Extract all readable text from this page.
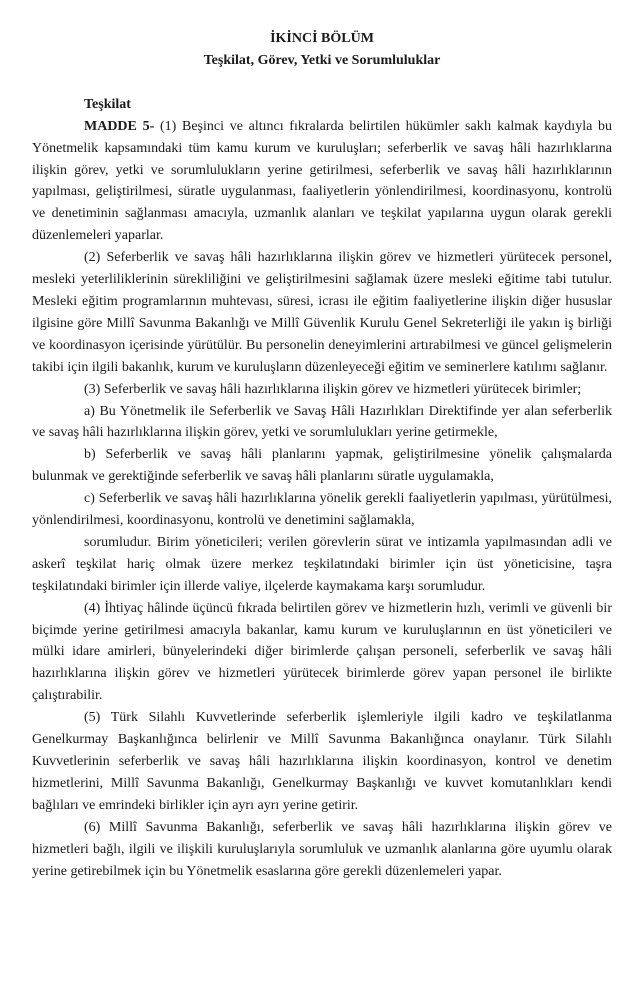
İKİNCİ BÖLÜM
Teşkilat, Görev, Yetki ve Sorumluluklar
Teşkilat

MADDE 5- (1) Beşinci ve altıncı fıkralarda belirtilen hükümler saklı kalmak kaydıyla bu Yönetmelik kapsamındaki tüm kamu kurum ve kuruluşları; seferberlik ve savaş hâli hazırlıklarına ilişkin görev, yetki ve sorumlulukların yerine getirilmesi, seferberlik ve savaş hâli hazırlıklarının yapılması, geliştirilmesi, süratle uygulanması, faaliyetlerin yönlendirilmesi, koordinasyonu, kontrolü ve denetiminin sağlanması amacıyla, uzmanlık alanları ve teşkilat yapılarına uygun olarak gerekli düzenlemeleri yaparlar.

(2) Seferberlik ve savaş hâli hazırlıklarına ilişkin görev ve hizmetleri yürütecek personel, mesleki yeterliliklerinin sürekliliğini ve geliştirilmesini sağlamak üzere mesleki eğitime tabi tutulur. Mesleki eğitim programlarının muhtevası, süresi, icrası ile eğitim faaliyetlerine ilişkin diğer hususlar ilgisine göre Millî Savunma Bakanlığı ve Millî Güvenlik Kurulu Genel Sekreterliği ile yakın iş birliği ve koordinasyon içerisinde yürütülür. Bu personelin deneyimlerini artırabilmesi ve güncel gelişmelerin takibi için ilgili bakanlık, kurum ve kuruluşların düzenleyeceği eğitim ve seminerlere katılımı sağlanır.

(3) Seferberlik ve savaş hâli hazırlıklarına ilişkin görev ve hizmetleri yürütecek birimler;

a) Bu Yönetmelik ile Seferberlik ve Savaş Hâli Hazırlıkları Direktifinde yer alan seferberlik ve savaş hâli hazırlıklarına ilişkin görev, yetki ve sorumlulukları yerine getirmekle,

b) Seferberlik ve savaş hâli planlarını yapmak, geliştirilmesine yönelik çalışmalarda bulunmak ve gerektiğinde seferberlik ve savaş hâli planlarını süratle uygulamakla,

c) Seferberlik ve savaş hâli hazırlıklarına yönelik gerekli faaliyetlerin yapılması, yürütülmesi, yönlendirilmesi, koordinasyonu, kontrolü ve denetimini sağlamakla,

sorumludur. Birim yöneticileri; verilen görevlerin sürat ve intizamla yapılmasından adli ve askerî teşkilat hariç olmak üzere merkez teşkilatındaki birimler için üst yöneticisine, taşra teşkilatındaki birimler için illerde valiye, ilçelerde kaymakama karşı sorumludur.

(4) İhtiyaç hâlinde üçüncü fıkrada belirtilen görev ve hizmetlerin hızlı, verimli ve güvenli bir biçimde yerine getirilmesi amacıyla bakanlar, kamu kurum ve kuruluşlarının en üst yöneticileri ve mülki idare amirleri, bünyelerindeki diğer birimlerde çalışan personeli, seferberlik ve savaş hâli hazırlıklarına ilişkin görev ve hizmetleri yürütecek birimlerde görev yapan personel ile birlikte çalıştırabilir.

(5) Türk Silahlı Kuvvetlerinde seferberlik işlemleriyle ilgili kadro ve teşkilatlanma Genelkurmay Başkanlığınca belirlenir ve Millî Savunma Bakanlığınca onaylanır. Türk Silahlı Kuvvetlerinin seferberlik ve savaş hâli hazırlıklarına ilişkin koordinasyon, kontrol ve denetim hizmetlerini, Millî Savunma Bakanlığı, Genelkurmay Başkanlığı ve kuvvet komutanlıkları kendi bağlıları ve emrindeki birlikler için ayrı ayrı yerine getirir.

(6) Millî Savunma Bakanlığı, seferberlik ve savaş hâli hazırlıklarına ilişkin görev ve hizmetleri bağlı, ilgili ve ilişkili kuruluşlarıyla sorumluluk ve uzmanlık alanlarına göre uyumlu olarak yerine getirebilmek için bu Yönetmelik esaslarına göre gerekli düzenlemeleri yapar.
